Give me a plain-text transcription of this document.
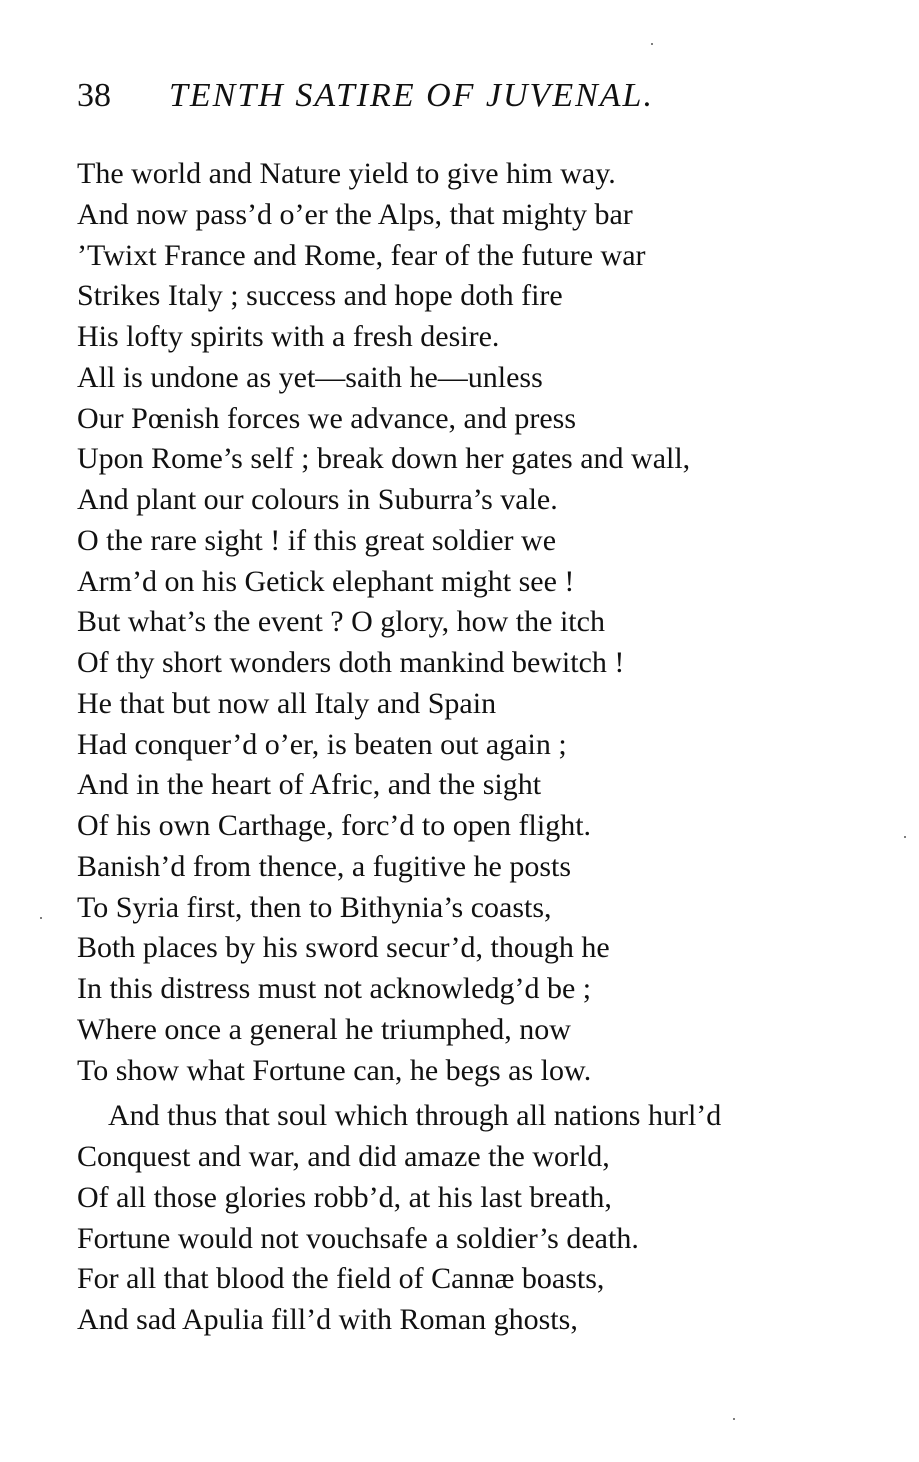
38 TENTH SATIRE OF JUVENAL.
The world and Nature yield to give him way.
And now pass’d o’er the Alps, that mighty bar
’Twixt France and Rome, fear of the future war
Strikes Italy ; success and hope doth fire
His lofty spirits with a fresh desire.
All is undone as yet—saith he—unless
Our Pœnish forces we advance, and press
Upon Rome’s self ; break down her gates and wall,
And plant our colours in Suburra’s vale.
O the rare sight ! if this great soldier we
Arm’d on his Getick elephant might see !
But what’s the event ? O glory, how the itch
Of thy short wonders doth mankind bewitch !
He that but now all Italy and Spain
Had conquer’d o’er, is beaten out again ;
And in the heart of Afric, and the sight
Of his own Carthage, forc’d to open flight.
Banish’d from thence, a fugitive he posts
To Syria first, then to Bithynia’s coasts,
Both places by his sword secur’d, though he
In this distress must not acknowledg’d be ;
Where once a general he triumphed, now
To show what Fortune can, he begs as low.
And thus that soul which through all nations hurl’d
Conquest and war, and did amaze the world,
Of all those glories robb’d, at his last breath,
Fortune would not vouchsafe a soldier’s death.
For all that blood the field of Cannæ boasts,
And sad Apulia fill’d with Roman ghosts,
